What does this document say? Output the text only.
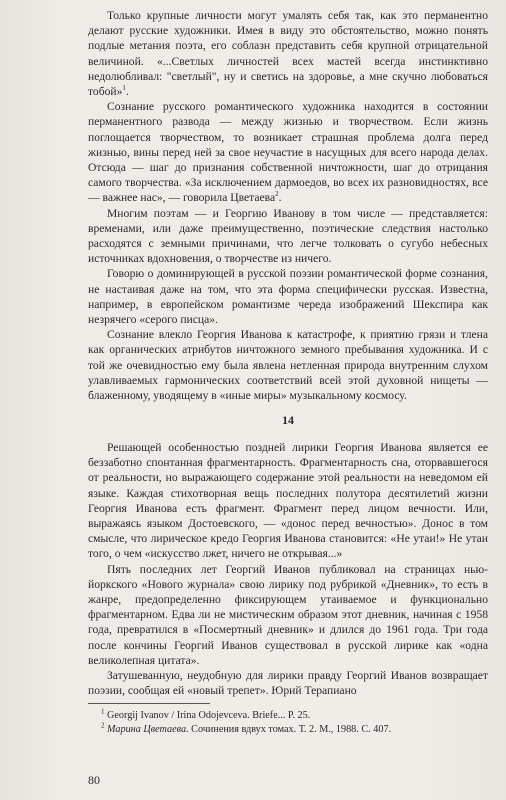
Только крупные личности могут умалять себя так, как это перманентно делают русские художники. Имея в виду это обстоятельство, можно понять подлые метания поэта, его соблазн представить себя крупной отрицательной величиной. «...Светлых личностей всех мастей всегда инстинктивно недолюбливал: "светлый", ну и светись на здоровье, а мне скучно любоваться тобой»$^1$.

Сознание русского романтического художника находится в состоянии перманентного развода — между жизнью и творчеством. Если жизнь поглощается творчеством, то возникает страшная проблема долга перед жизнью, вины перед ней за свое неучастие в насущных для всего народа делах. Отсюда — шаг до признания собственной ничтожности, шаг до отрицания самого творчества. «За исключением дармоедов, во всех их разновидностях, все — важнее нас», — говорила Цветаева$^2$.

Многим поэтам — и Георгию Иванову в том числе — представляется: временами, или даже преимущественно, поэтические следствия настолько расходятся с земными причинами, что легче толковать о сугубо небесных источниках вдохновения, о творчестве из ничего.

Говорю о доминирующей в русской поэзии романтической форме сознания, не настаивая даже на том, что эта форма специфически русская. Известна, например, в европейском романтизме череда изображений Шекспира как незрячего «серого писца».

Сознание влекло Георгия Иванова к катастрофе, к приятию грязи и тлена как органических атрибутов ничтожного земного пребывания художника. И с той же очевидностью ему была явлена нетленная природа внутренним слухом улавливаемых гармонических соответствий всей этой духовной нищеты — блаженному, уводящему в «иные миры» музыкальному космосу.

14

Решающей особенностью поздней лирики Георгия Иванова является ее беззаботно спонтанная фрагментарность. Фрагментарность сна, оторвавшегося от реальности, но выражающего содержание этой реальности на неведомом ей языке. Каждая стихотворная вещь последних полутора десятилетий жизни Георгия Иванова есть фрагмент. Фрагмент перед лицом вечности. Или, выражаясь языком Достоевского, — «донос перед вечностью». Донос в том смысле, что лирическое кредо Георгия Иванова становится: «Не утаи!» Не утаи того, о чем «искусство лжет, ничего не открывая...»

Пять последних лет Георгий Иванов публиковал на страницах нью-йоркского «Нового журнала» свою лирику под рубрикой «Дневник», то есть в жанре, предопределенно фиксирующем утаиваемое и функционально фрагментарном. Едва ли не мистическим образом этот дневник, начиная с 1958 года, превратился в «Посмертный дневник» и длился до 1961 года. Три года после кончины Георгий Иванов существовал в русской лирике как «одна великолепная цитата».

Затушеванную, неудобную для лирики правду Георгий Иванов возвращает поэзии, сообщая ей «новый трепет». Юрий Терапиано

$^1$ Georgij Ivanov / Irina Odojevceva. Briefe... P. 25.

$^2$ Марина Цветаева. Сочинения вдвух томах. Т. 2. М., 1988. С. 407.

80
